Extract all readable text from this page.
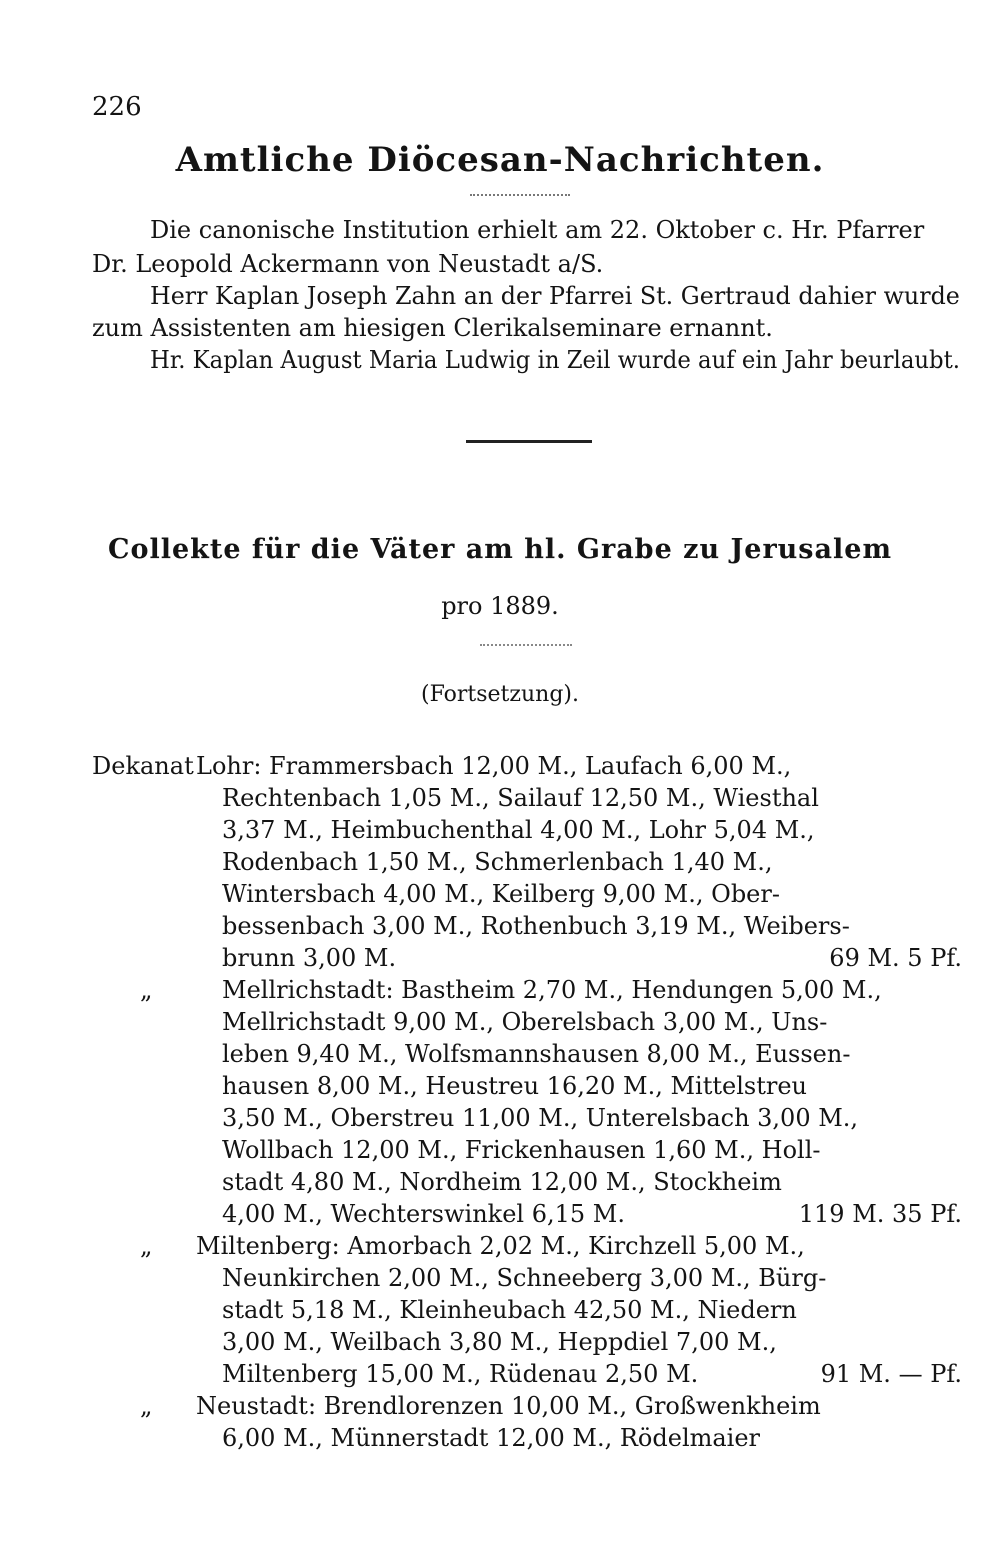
226
Amtliche Diöcesan-Nachrichten.
Die canonische Institution erhielt am 22. Oktober c. Hr. Pfarrer
Dr. Leopold Ackermann von Neustadt a/S.
Herr Kaplan Joseph Zahn an der Pfarrei St. Gertraud dahier wurde
zum Assistenten am hiesigen Clerikalseminare ernannt.
Hr. Kaplan August Maria Ludwig in Zeil wurde auf ein Jahr beurlaubt.
Collekte für die Väter am hl. Grabe zu Jerusalem
pro 1889.
(Fortsetzung).
Dekanat Lohr: Frammersbach 12,00 M., Laufach 6,00 M.,
Rechtenbach 1,05 M., Sailauf 12,50 M., Wiesthal
3,37 M., Heimbuchenthal 4,00 M., Lohr 5,04 M.,
Rodenbach 1,50 M., Schmerlenbach 1,40 M.,
Wintersbach 4,00 M., Keilberg 9,00 M., Ober-
bessenbach 3,00 M., Rothenbuch 3,19 M., Weibers-
brunn 3,00 M.	69 M. 5 Pf.
„	Mellrichstadt: Bastheim 2,70 M., Hendungen 5,00 M.,
Mellrichstadt 9,00 M., Oberelsbach 3,00 M., Uns-
leben 9,40 M., Wolfsmannshausen 8,00 M., Eussen-
hausen 8,00 M., Heustreu 16,20 M., Mittelstreu
3,50 M., Oberstreu 11,00 M., Unterelsbach 3,00 M.,
Wollbach 12,00 M., Frickenhausen 1,60 M., Holl-
stadt 4,80 M., Nordheim 12,00 M., Stockheim
4,00 M., Wechterswinkel 6,15 M.	119 M. 35 Pf.
„ Miltenberg: Amorbach 2,02 M., Kirchzell 5,00 M.,
Neunkirchen 2,00 M., Schneeberg 3,00 M., Bürg-
stadt 5,18 M., Kleinheubach 42,50 M., Niedern
3,00 M., Weilbach 3,80 M., Heppdiel 7,00 M.,
Miltenberg 15,00 M., Rüdenau 2,50 M.	91 M. — Pf.
„ Neustadt: Brendlorenzen 10,00 M., Großwenkheim
6,00 M., Münnerstadt 12,00 M., Rödelmaier
